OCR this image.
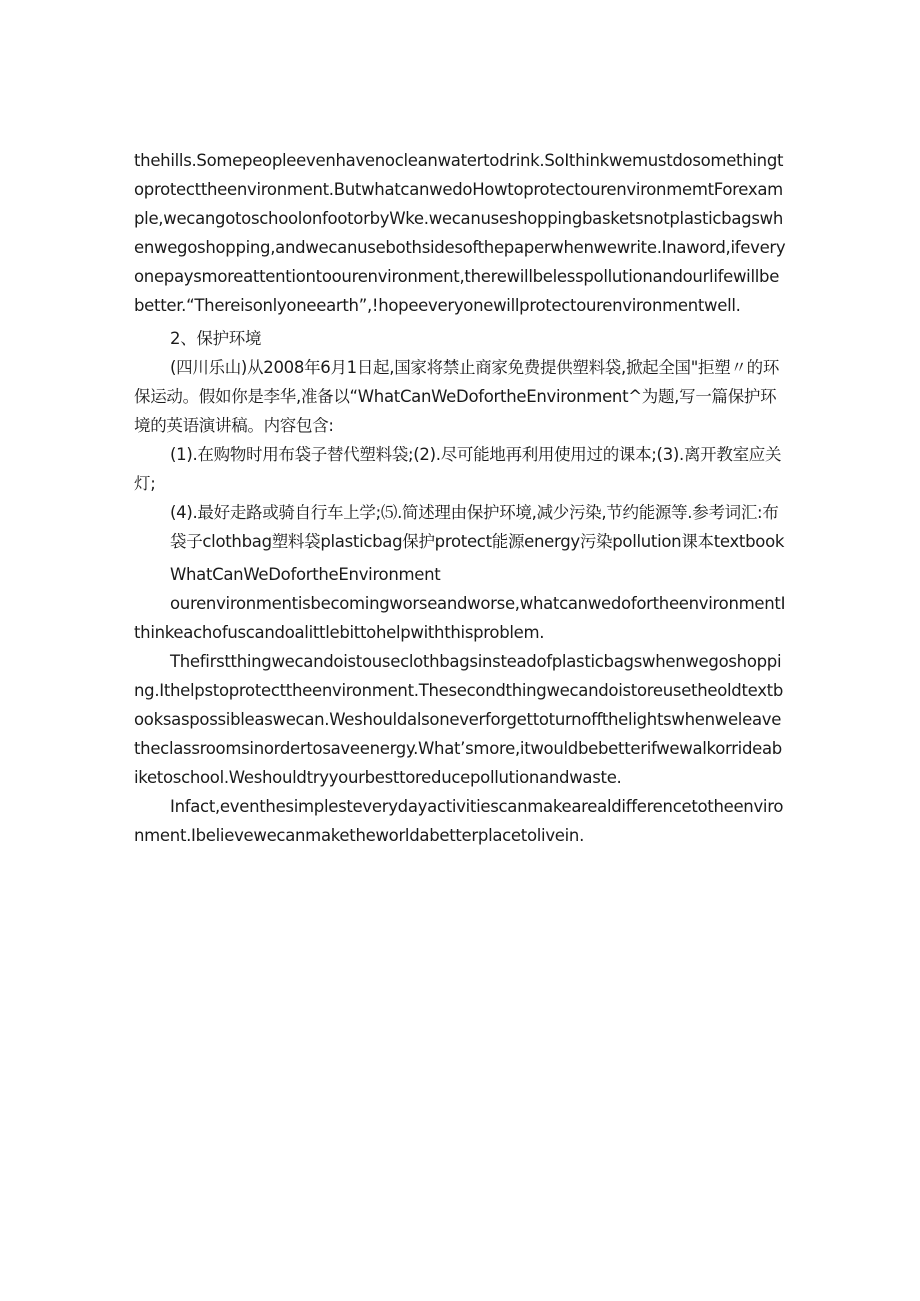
thehills.Somepeopleevenhavenocleanwatertodrink.SoIthinkwemustdosomethingtoprotecttheenvironment.ButwhatcanwedoHowtoprotectourenvironmemtForexample,wecangotoschoolonfootorbyWke.wecanuseshoppingbasketsnotplasticbagswhenwegoshopping,andwecanusebothsidesofthepaperwhenwewrite.Inaword,ifeveryonepaysmoreattentiontoourenvironment,therewillbelesspollutionandourlifewillbebetter.“Thereisonlyoneearth”,!hopeeveryonewillprotectourenvironmentwell.

2、保护环境

(四川乐山)从2008年6月1日起,国家将禁止商家免费提供塑料袋,掀起全国"拒塑〃的环保运动。假如你是李华,准备以“WhatCanWeDofortheEnvironment^为题,写一篇保护环境的英语演讲稿。内容包含:

(1).在购物时用布袋子替代塑料袋;(2).尽可能地再利用使用过的课本;(3).离开教室应关灯;

(4).最好走路或骑自行车上学;⑸.简述理由保护环境,减少污染,节约能源等.参考词汇:布袋子clothbag塑料袋plasticbag保护protect能源energy污染pollution课本textbook

WhatCanWeDofortheEnvironment

ourenvironmentisbecomingworseandworse,whatcanwedofortheenvironmentIthinkeachofuscandoalittlebittohelpwiththisproblem.

Thefirstthingwecandoistouseclothbagsinsteadofplasticbagswhenwegoshopping.Ithelpstoprotecttheenvironment.Thesecondthingwecandoistoreusetheoldtextbooksaspossibleaswecan.Weshouldalsoneverforgettoturnoffthelightswhenweleavetheclassroomsinordertosaveenergy.What’smore,itwouldbebetterifwewalkorrideabiketoschool.Weshouldtryyourbesttoreducepollutionandwaste.

Infact,eventhesimplesteverydayactivitiescanmakearealdifferencetotheenvironment.Ibelievewecanmaketheworldabetterplacetolivein.
